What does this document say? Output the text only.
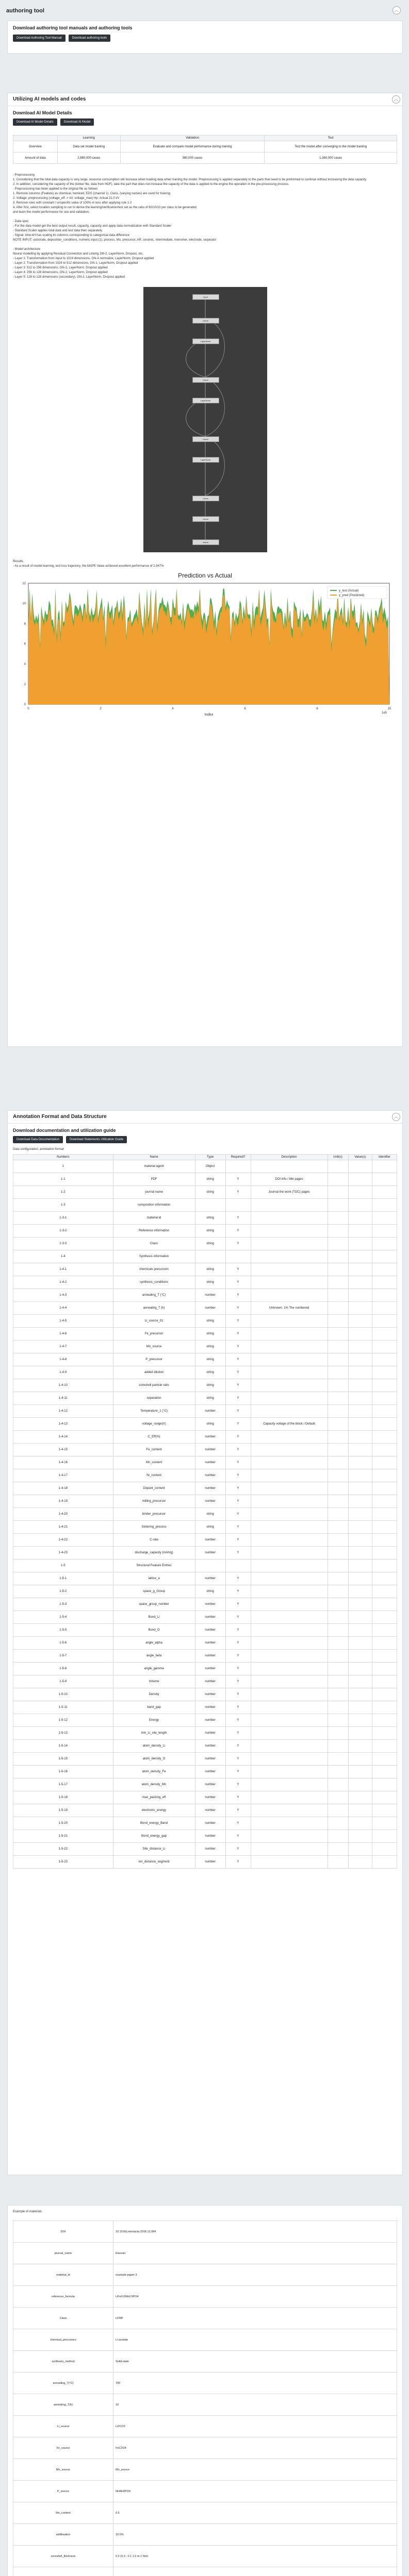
authoring tool	︿
Download authoring tool manuals and authoring tools
Download Authoring Tool Manual	Download authoring tools
Utilizing AI models and codes	︿
Download AI Model Details
Download AI Model Details	Download AI Model
	Learning	Validation	Test
Overview	Data set model training	Evaluate and compare model performance during training	Test the model after converging to the model training
Amount of data	2,880,000 cases	360,000 cases	1,360,000 cases
- Preprocessing
1. Considering that the total data capacity is very large, resource consumption will increase when loading data when training the model. Preprocessing is applied separately to the parts that need to be preformed to continue without increasing the data capacity.
2. In addition, considering the capacity of the (kinker file, data from HDF), take the part that does not increase the capacity of the data is applied to the engine the operation in the pre-processing process.
- Preprocessing has been applied to the original file as follows
1. Remove columns (Feature) as chemical, hemicell, EDS (channel 1), Class, (varying names) are used for training
2. Voltage: preprocessing (voltage_eff -> kV, voltage_max) Hp: Actual 21.0 kV
3. Remove rows with constant / unspecific value of 100% or less after applying rule 1-2
4. After first, select location sampling to run to derive the learning/verification/test set as the ratio of 80/10/10 per class to be generated
and learn the model performance for use and validation.

- Data spec
- For the data model get the best output result, capacity, capacity and apply data normalization with Standard Scaler
- Standard Scaler applies total data and test data then separately.
- Signal: time-kH has scaling its columns corresponding to categorical data difference
NOTE INPUT: substrate, deposition_conditions, numeric input (1), process, Mo, precursor, AR, ceramic, intermediate, monomer, electrode, separator

- Model architecture
Neural modelling by applying Residual Connection and Linking 2W-2, LayerNorm, Dropout, etc.
- Layer 1: Transformation from input to 1024 dimensions, GN-A normalize, LayerNorm, Dropout applied
- Layer 2: Transformation from 1024 to 512 dimensions, GN-1, LayerNorm, Dropout applied
- Layer 3: 512 to 256 dimensions, GN-2, LayerNorm, Dropout applied
- Layer 4: 256 to 128 dimensions, GN-2, LayerNorm, Dropout applied
- Layer 5: 128 to 128 dimensions (secondary), GN-2, LayerNorm, Dropout applied
input
Linear
LayerNorm
Linear
LayerNorm
Linear
LayerNorm
Linear
Linear
output
Results
- As a result of model learning, test loss trajectory, the MAPE Value achieved excellent performance of 2.947%
Prediction vs Actual
0
2
4
6
8
10
12
0	2	4	6	8	10
1e5
Index
y_test (Actual)
y_pred (Predicted)
Annotation Format and Data Structure	︿
Download documentation and utilization guide
Download Data Documentation	Download Statements Utilization Guide
Data configuration, annotation format
Numbers	Name	Type	Required?	Description	Unit(s)	Value(s)	Identifier
1	material agent	Object					
1-1	PDF	string	Y	DOI info / title pages			
1-2	journal name	string	Y	Journal the work (TOC) pages			
1-3	composition information						
1-3-1	material id	string	Y				
1-3-2	Reference information	string	Y				
1-3-3	Class	string	Y				
1-4	Synthesis information						
1-4-1	chemicals precursors	string	Y				
1-4-2	synthesis_conditions	string	Y				
1-4-3	annealing_T (°C)	number	Y				
1-4-4	annealing_T (h)	number	Y	Unknown: 1% The numbered			
1-4-5	Li_source_01	string	Y				
1-4-6	Fe_precursor	string	Y				
1-4-7	Mn_source	string	Y				
1-4-8	P_precursor	string	Y				
1-4-9	added dilution	string	Y				
1-4-10	coreshell particle ratio	string	Y				
1-4-11	separation	string	Y				
1-4-12	Temperature_1 (°C)	number	Y				
1-4-13	voltage_range(V)	string	Y	Capacity voltage of the block / Default			
1-4-14	C_Eff(%)	number	Y				
1-4-15	Fe_content	number	Y				
1-4-16	Mn_content	number	Y				
1-4-17	Ni_content	number	Y				
1-4-18	Dopant_content	number	Y				
1-4-19	milling_precursor	number	Y				
1-4-20	binder_precursor	string	Y				
1-4-21	Sintering_process	string	Y				
1-4-22	C-rate	number	Y				
1-4-23	discharge_capacity (mAh/g)	number	Y				
1-5	Structural Feature Entries						
1-5-1	lattice_a	number	Y				
1-5-2	space_g_Group	string	Y				
1-5-3	space_group_number	number	Y				
1-5-4	Bond_Li	number	Y				
1-5-5	Bond_O	number	Y				
1-5-6	angle_alpha	number	Y				
1-5-7	angle_beta	number	Y				
1-5-8	angle_gamma	number	Y				
1-5-9	Volume	number	Y				
1-5-10	Density	number	Y				
1-5-11	band_gap	number	Y				
1-5-12	Energy	number	Y				
1-5-13	min_Li_site_length	number	Y				
1-5-14	atom_density_Li	number	Y				
1-5-15	atom_density_O	number	Y				
1-5-16	atom_density_Fe	number	Y				
1-5-17	atom_density_Mn	number	Y				
1-5-18	max_packing_eff	number	Y				
1-5-19	electronic_energy	number	Y				
1-5-20	Bond_energy_Band	number	Y				
1-5-21	Bond_energy_gap	number	Y				
1-5-22	Site_distance_Li	number	Y				
1-5-23	ion_distance_segment	number	Y				
Example of materials
DOI	10.1016/j.electacta.2018.12.084
journal_name	Elsevier
material_id	example-paper-3
reference_formula	LiFe0.5Mn0.5PO4
Class	LFMP
chemical_precursors	Li-acetate
synthesis_method	Solid-state
annealing_T(°C)	700
annealing_T(h)	10
Li_source	Li2CO3
Fe_source	FeC2O4
Mn_source	Mn_source
P_source	NH4H2PO4
Mn_content	0.5
additivation	10.0%
coreshell_thickness	0.2 (0.3 - 0.1 1.0 m-1 Nm)
